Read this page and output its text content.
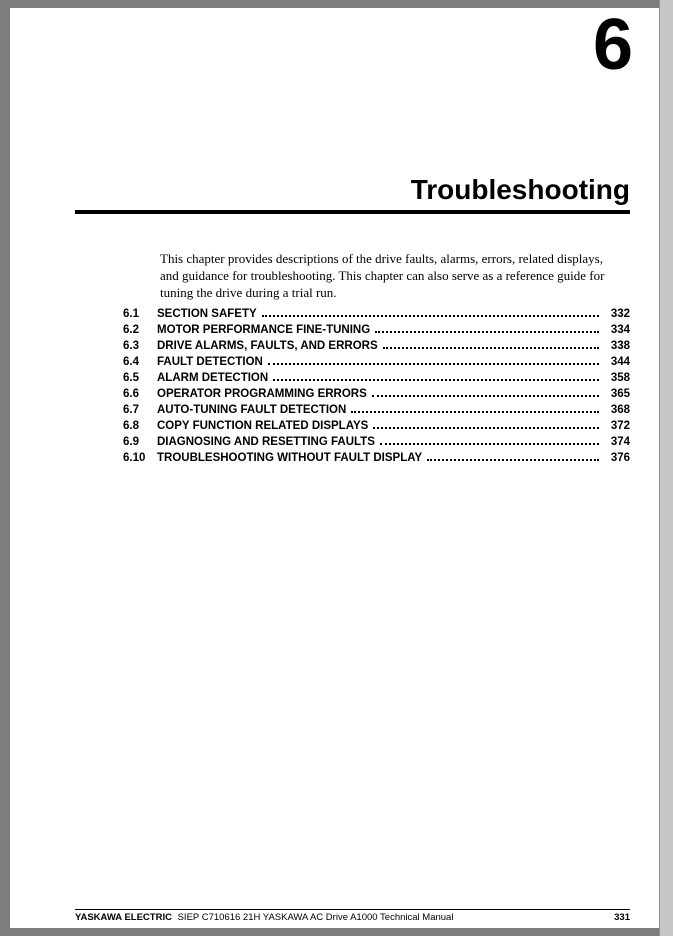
6
Troubleshooting

This chapter provides descriptions of the drive faults, alarms, errors, related displays, and guidance for troubleshooting. This chapter can also serve as a reference guide for tuning the drive during a trial run.

6.1	SECTION SAFETY	332
6.2	MOTOR PERFORMANCE FINE-TUNING	334
6.3	DRIVE ALARMS, FAULTS, AND ERRORS	338
6.4	FAULT DETECTION	344
6.5	ALARM DETECTION	358
6.6	OPERATOR PROGRAMMING ERRORS	365
6.7	AUTO-TUNING FAULT DETECTION	368
6.8	COPY FUNCTION RELATED DISPLAYS	372
6.9	DIAGNOSING AND RESETTING FAULTS	374
6.10	TROUBLESHOOTING WITHOUT FAULT DISPLAY	376
YASKAWA ELECTRIC SIEP C710616 21H YASKAWA AC Drive A1000 Technical Manual	331
